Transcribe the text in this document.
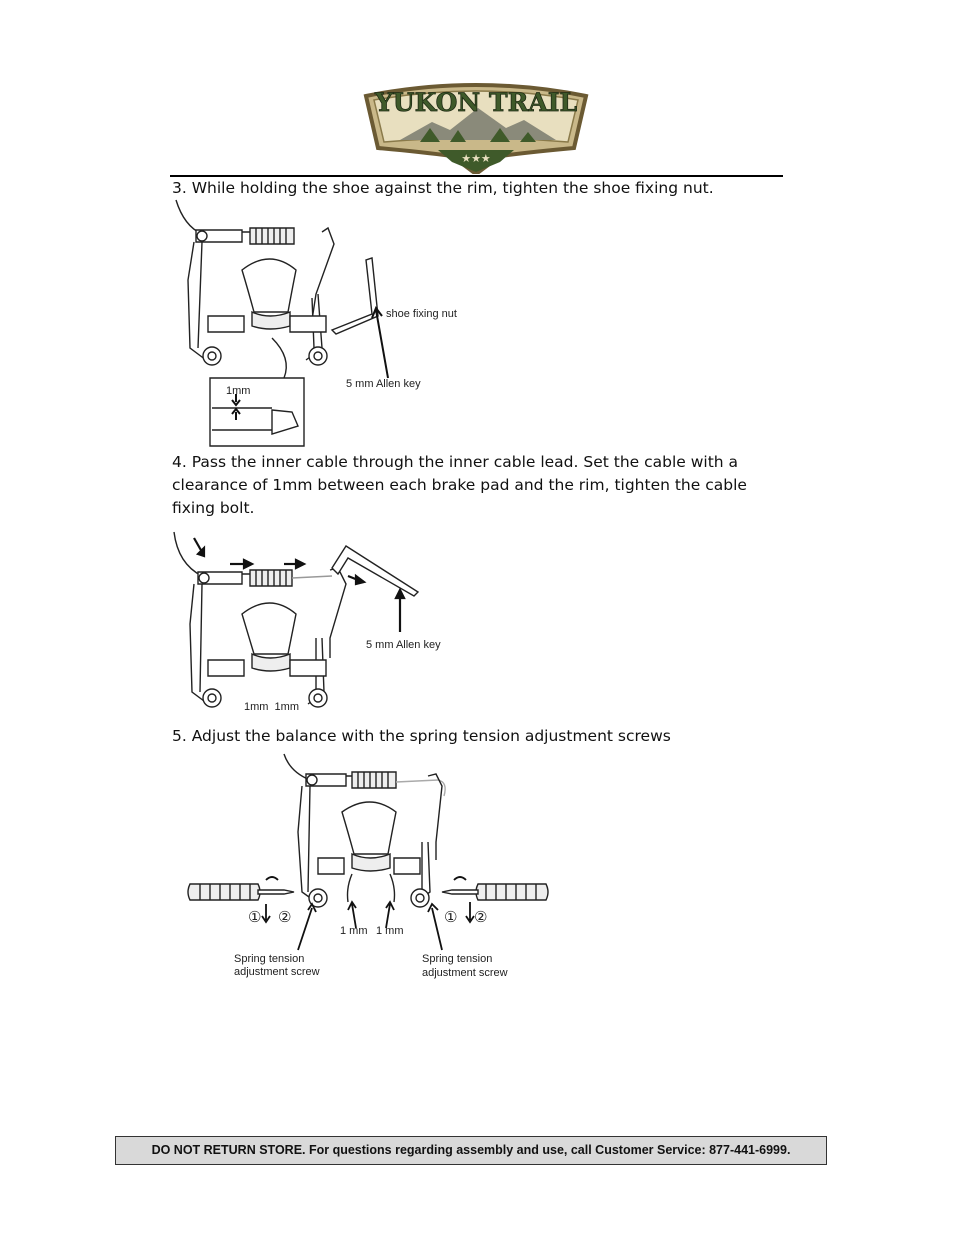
★★★
YUKON TRAIL
3. While holding the shoe against the rim, tighten the shoe fixing nut.
shoe fixing nut
5 mm Allen key
1mm
4. Pass the inner cable through the inner cable lead. Set the cable with a clearance of 1mm between each brake pad and the rim, tighten the cable fixing bolt.
5 mm Allen key
1mm  1mm
5. Adjust the balance with the spring tension adjustment screws
① ②	① ②
1 mm 1 mm
Spring tension
adjustment screw
Spring tension
adjustment screw
DO NOT RETURN STORE. For questions regarding assembly and use, call Customer Service: 877-441-6999.
